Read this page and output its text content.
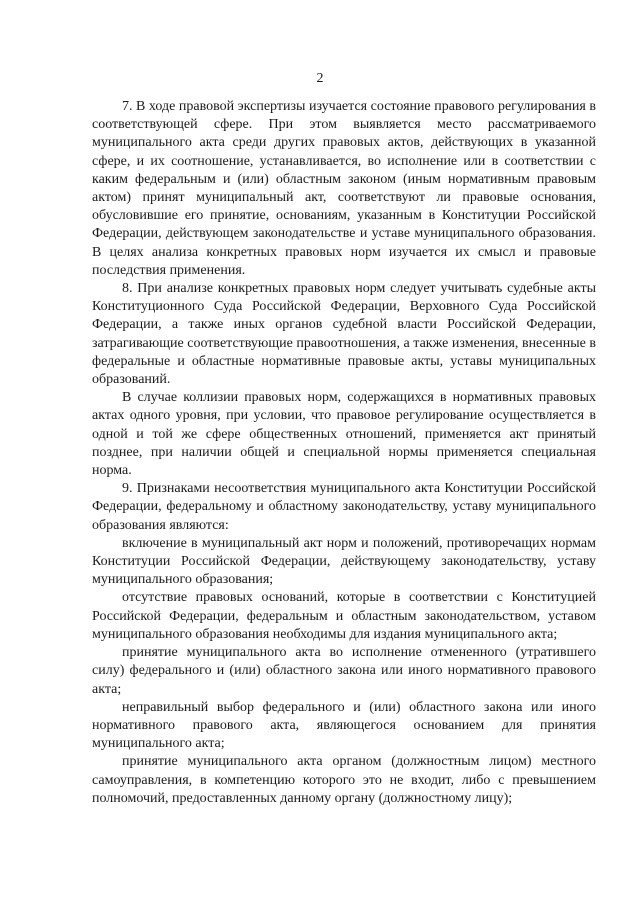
2

7. В ходе правовой экспертизы изучается состояние правового регулирования в соответствующей сфере. При этом выявляется место рассматриваемого муниципального акта среди других правовых актов, действующих в указанной сфере, и их соотношение, устанавливается, во исполнение или в соответствии с каким федеральным и (или) областным законом (иным нормативным правовым актом) принят муниципальный акт, соответствуют ли правовые основания, обусловившие его принятие, основаниям, указанным в Конституции Российской Федерации, действующем законодательстве и уставе муниципального образования. В целях анализа конкретных правовых норм изучается их смысл и правовые последствия применения.

8. При анализе конкретных правовых норм следует учитывать судебные акты Конституционного Суда Российской Федерации, Верховного Суда Российской Федерации, а также иных органов судебной власти Российской Федерации, затрагивающие соответствующие правоотношения, а также изменения, внесенные в федеральные и областные нормативные правовые акты, уставы муниципальных образований.

В случае коллизии правовых норм, содержащихся в нормативных правовых актах одного уровня, при условии, что правовое регулирование осуществляется в одной и той же сфере общественных отношений, применяется акт принятый позднее, при наличии общей и специальной нормы применяется специальная норма.

9. Признаками несоответствия муниципального акта Конституции Российской Федерации, федеральному и областному законодательству, уставу муниципального образования являются:

включение в муниципальный акт норм и положений, противоречащих нормам Конституции Российской Федерации, действующему законодательству, уставу муниципального образования;

отсутствие правовых оснований, которые в соответствии с Конституцией Российской Федерации, федеральным и областным законодательством, уставом муниципального образования необходимы для издания муниципального акта;

принятие муниципального акта во исполнение отмененного (утратившего силу) федерального и (или) областного закона или иного нормативного правового акта;

неправильный выбор федерального и (или) областного закона или иного нормативного правового акта, являющегося основанием для принятия муниципального акта;

принятие муниципального акта органом (должностным лицом) местного самоуправления, в компетенцию которого это не входит, либо с превышением полномочий, предоставленных данному органу (должностному лицу);
